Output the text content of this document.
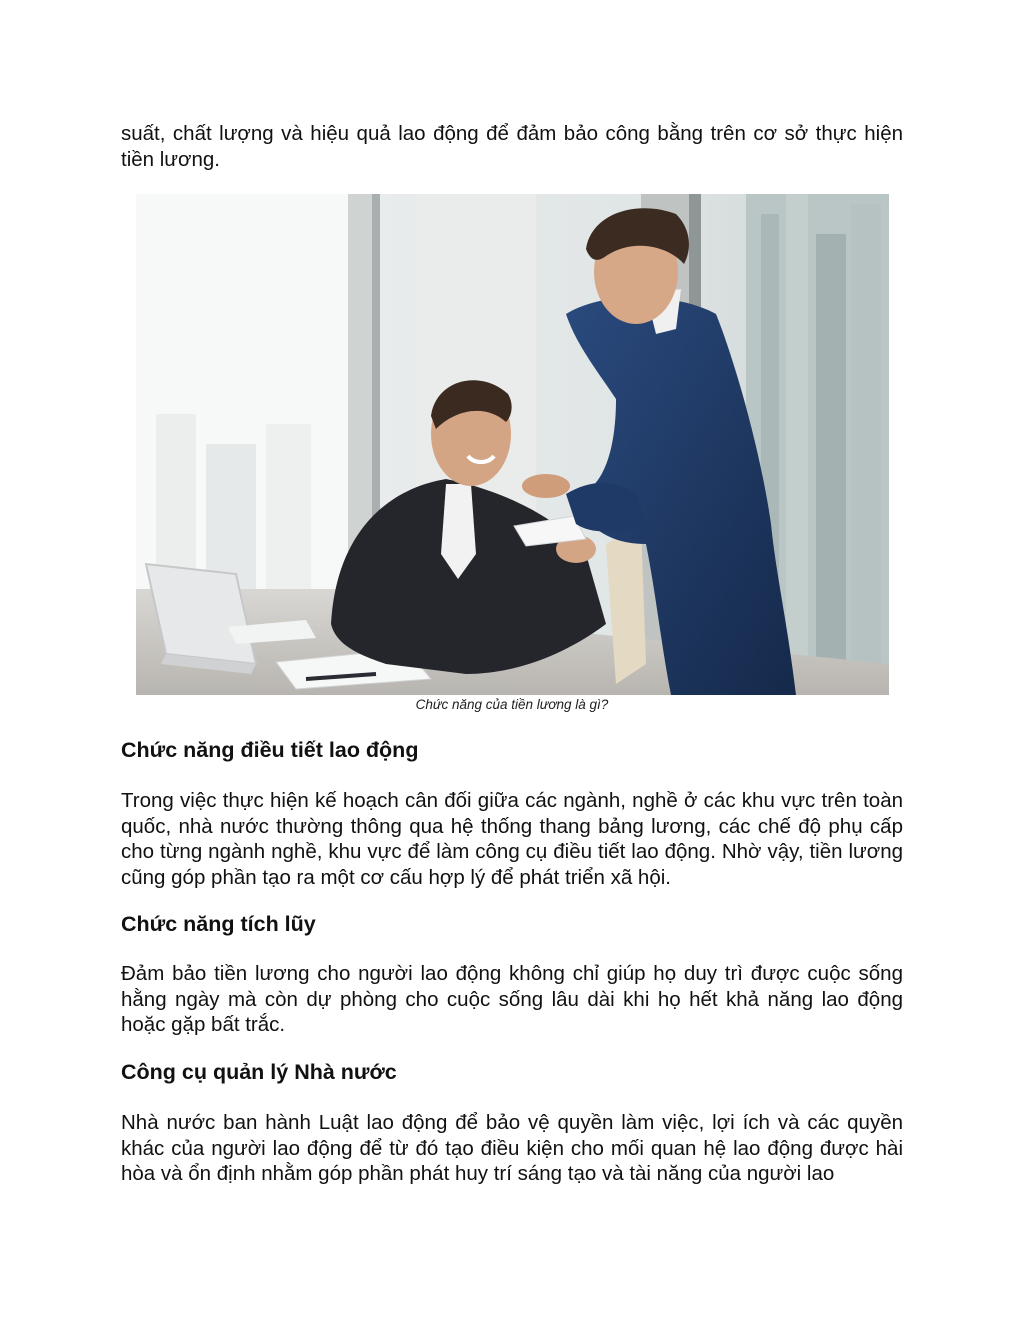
suất, chất lượng và hiệu quả lao động để đảm bảo công bằng trên cơ sở thực hiện tiền lương.

Chức năng của tiền lương là gì?

Chức năng điều tiết lao động

Trong việc thực hiện kế hoạch cân đối giữa các ngành, nghề ở các khu vực trên toàn quốc, nhà nước thường thông qua hệ thống thang bảng lương, các chế độ phụ cấp cho từng ngành nghề, khu vực để làm công cụ điều tiết lao động. Nhờ vậy, tiền lương cũng góp phần tạo ra một cơ cấu hợp lý để phát triển xã hội.

Chức năng tích lũy

Đảm bảo tiền lương cho người lao động không chỉ giúp họ duy trì được cuộc sống hằng ngày mà còn dự phòng cho cuộc sống lâu dài khi họ hết khả năng lao động hoặc gặp bất trắc.

Công cụ quản lý Nhà nước

Nhà nước ban hành Luật lao động để bảo vệ quyền làm việc, lợi ích và các quyền khác của người lao động để từ đó tạo điều kiện cho mối quan hệ lao động được hài hòa và ổn định nhằm góp phần phát huy trí sáng tạo và tài năng của người lao
